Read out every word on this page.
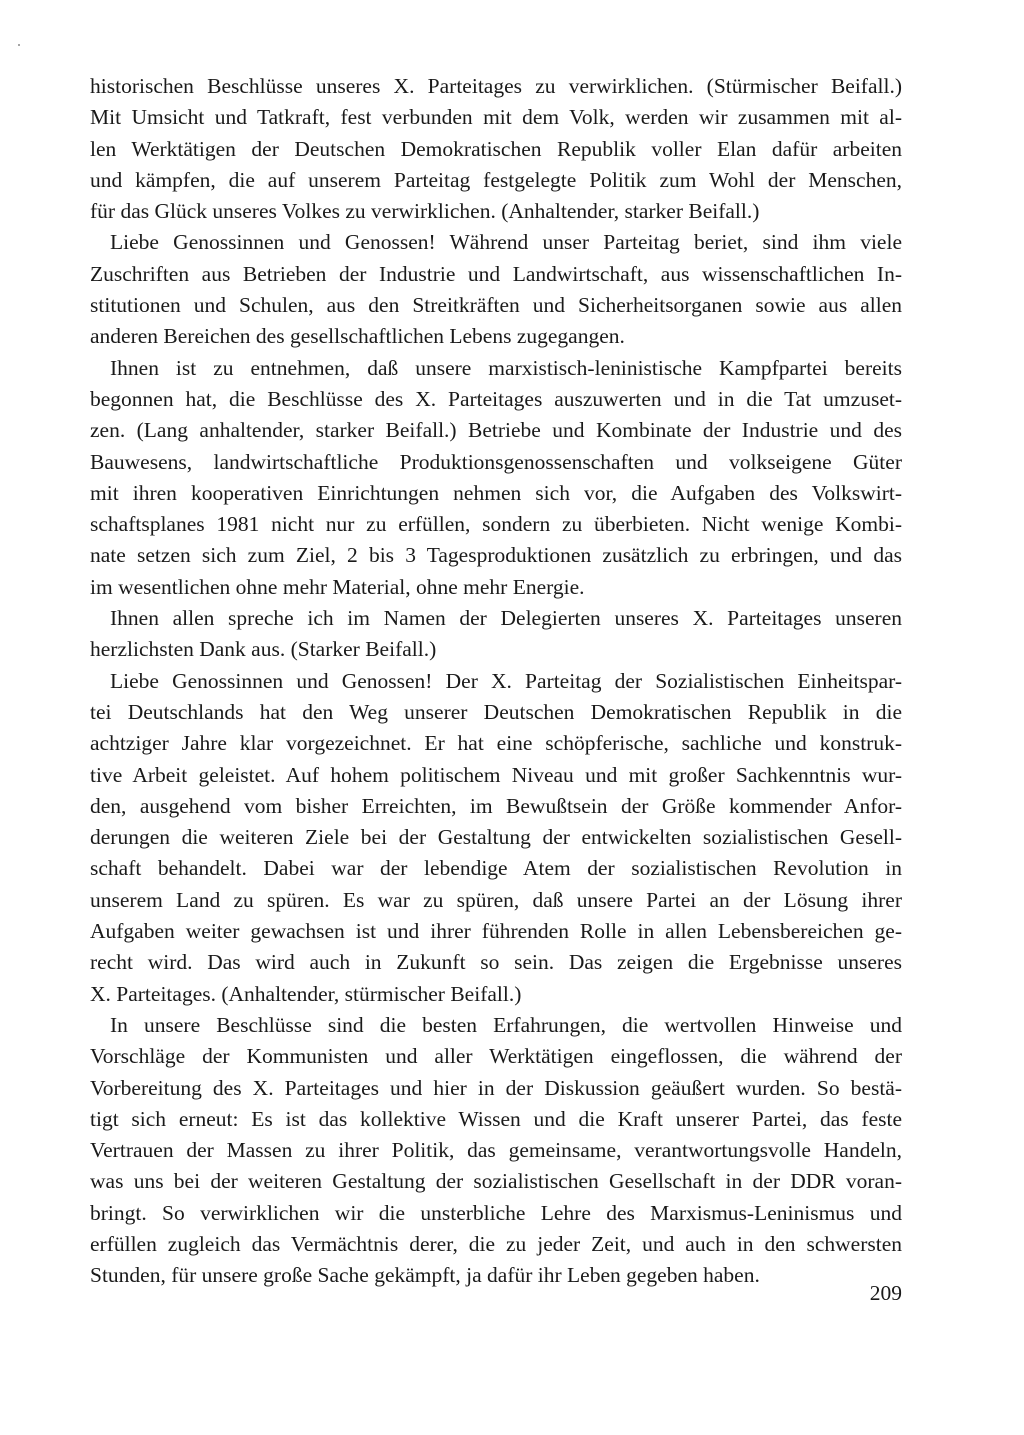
historischen Beschlüsse unseres X. Parteitages zu verwirklichen. (Stürmischer Beifall.)
Mit Umsicht und Tatkraft, fest verbunden mit dem Volk, werden wir zusammen mit al-
len Werktätigen der Deutschen Demokratischen Republik voller Elan dafür arbeiten
und kämpfen, die auf unserem Parteitag festgelegte Politik zum Wohl der Menschen,
für das Glück unseres Volkes zu verwirklichen. (Anhaltender, starker Beifall.)
Liebe Genossinnen und Genossen! Während unser Parteitag beriet, sind ihm viele
Zuschriften aus Betrieben der Industrie und Landwirtschaft, aus wissenschaftlichen In-
stitutionen und Schulen, aus den Streitkräften und Sicherheitsorganen sowie aus allen
anderen Bereichen des gesellschaftlichen Lebens zugegangen.
Ihnen ist zu entnehmen, daß unsere marxistisch-leninistische Kampfpartei bereits
begonnen hat, die Beschlüsse des X. Parteitages auszuwerten und in die Tat umzuset-
zen. (Lang anhaltender, starker Beifall.) Betriebe und Kombinate der Industrie und des
Bauwesens, landwirtschaftliche Produktionsgenossenschaften und volkseigene Güter
mit ihren kooperativen Einrichtungen nehmen sich vor, die Aufgaben des Volkswirt-
schaftsplanes 1981 nicht nur zu erfüllen, sondern zu überbieten. Nicht wenige Kombi-
nate setzen sich zum Ziel, 2 bis 3 Tagesproduktionen zusätzlich zu erbringen, und das
im wesentlichen ohne mehr Material, ohne mehr Energie.
Ihnen allen spreche ich im Namen der Delegierten unseres X. Parteitages unseren
herzlichsten Dank aus. (Starker Beifall.)
Liebe Genossinnen und Genossen! Der X. Parteitag der Sozialistischen Einheitspar-
tei Deutschlands hat den Weg unserer Deutschen Demokratischen Republik in die
achtziger Jahre klar vorgezeichnet. Er hat eine schöpferische, sachliche und konstruk-
tive Arbeit geleistet. Auf hohem politischem Niveau und mit großer Sachkenntnis wur-
den, ausgehend vom bisher Erreichten, im Bewußtsein der Größe kommender Anfor-
derungen die weiteren Ziele bei der Gestaltung der entwickelten sozialistischen Gesell-
schaft behandelt. Dabei war der lebendige Atem der sozialistischen Revolution in
unserem Land zu spüren. Es war zu spüren, daß unsere Partei an der Lösung ihrer
Aufgaben weiter gewachsen ist und ihrer führenden Rolle in allen Lebensbereichen ge-
recht wird. Das wird auch in Zukunft so sein. Das zeigen die Ergebnisse unseres
X. Parteitages. (Anhaltender, stürmischer Beifall.)
In unsere Beschlüsse sind die besten Erfahrungen, die wertvollen Hinweise und
Vorschläge der Kommunisten und aller Werktätigen eingeflossen, die während der
Vorbereitung des X. Parteitages und hier in der Diskussion geäußert wurden. So bestä-
tigt sich erneut: Es ist das kollektive Wissen und die Kraft unserer Partei, das feste
Vertrauen der Massen zu ihrer Politik, das gemeinsame, verantwortungsvolle Handeln,
was uns bei der weiteren Gestaltung der sozialistischen Gesellschaft in der DDR voran-
bringt. So verwirklichen wir die unsterbliche Lehre des Marxismus-Leninismus und
erfüllen zugleich das Vermächtnis derer, die zu jeder Zeit, und auch in den schwersten
Stunden, für unsere große Sache gekämpft, ja dafür ihr Leben gegeben haben.
209
